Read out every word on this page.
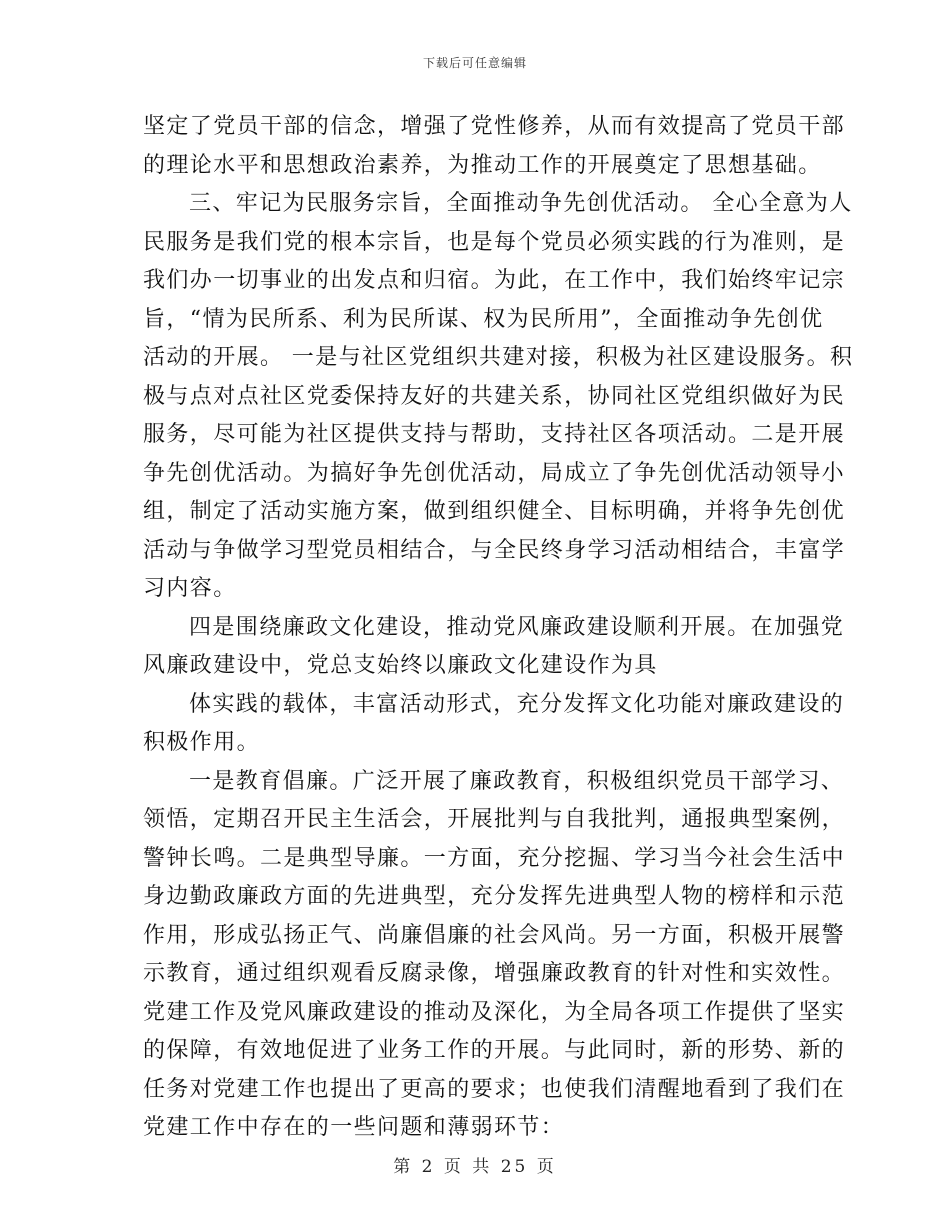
下载后可任意编辑
坚定了党员干部的信念，增强了党性修养，从而有效提高了党员干部
的理论水平和思想政治素养，为推动工作的开展奠定了思想基础。
三、牢记为民服务宗旨，全面推动争先创优活动。 全心全意为人
民服务是我们党的根本宗旨，也是每个党员必须实践的行为准则，是
我们办一切事业的出发点和归宿。为此，在工作中，我们始终牢记宗
旨，“情为民所系、利为民所谋、权为民所用”，全面推动争先创优
活动的开展。 一是与社区党组织共建对接，积极为社区建设服务。积
极与点对点社区党委保持友好的共建关系，协同社区党组织做好为民
服务，尽可能为社区提供支持与帮助，支持社区各项活动。二是开展
争先创优活动。为搞好争先创优活动，局成立了争先创优活动领导小
组，制定了活动实施方案，做到组织健全、目标明确，并将争先创优
活动与争做学习型党员相结合，与全民终身学习活动相结合，丰富学
习内容。
四是围绕廉政文化建设，推动党风廉政建设顺利开展。在加强党
风廉政建设中，党总支始终以廉政文化建设作为具
体实践的载体，丰富活动形式，充分发挥文化功能对廉政建设的
积极作用。
一是教育倡廉。广泛开展了廉政教育，积极组织党员干部学习、
领悟，定期召开民主生活会，开展批判与自我批判，通报典型案例，
警钟长鸣。二是典型导廉。一方面，充分挖掘、学习当今社会生活中
身边勤政廉政方面的先进典型，充分发挥先进典型人物的榜样和示范
作用，形成弘扬正气、尚廉倡廉的社会风尚。另一方面，积极开展警
示教育，通过组织观看反腐录像，增强廉政教育的针对性和实效性。
党建工作及党风廉政建设的推动及深化，为全局各项工作提供了坚实
的保障，有效地促进了业务工作的开展。与此同时，新的形势、新的
任务对党建工作也提出了更高的要求；也使我们清醒地看到了我们在
党建工作中存在的一些问题和薄弱环节：
第 2 页 共 25 页
